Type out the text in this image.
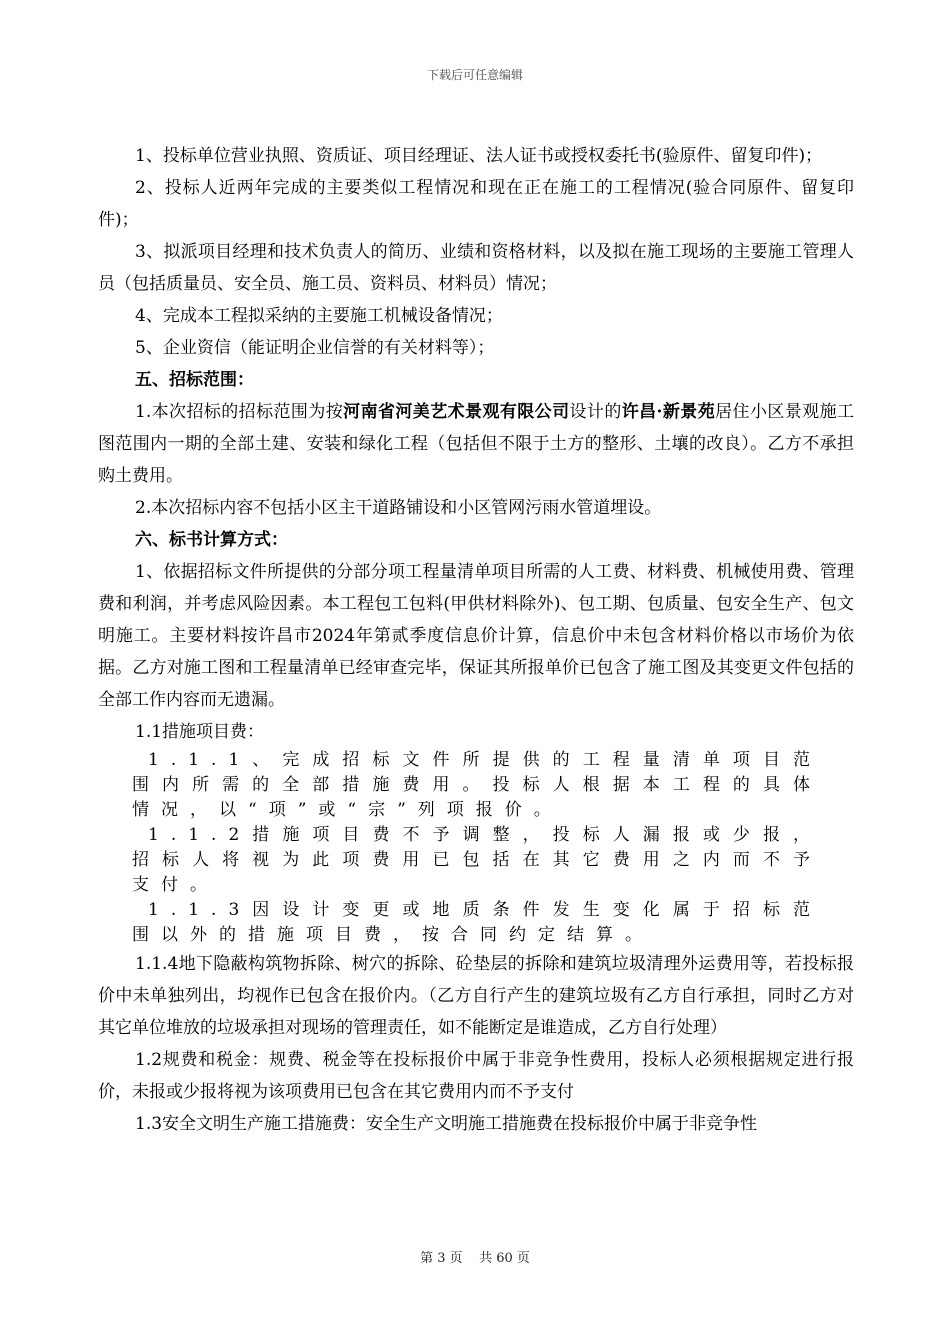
下载后可任意编辑

1、投标单位营业执照、资质证、项目经理证、法人证书或授权委托书(验原件、留复印件)；

2、投标人近两年完成的主要类似工程情况和现在正在施工的工程情况(验合同原件、留复印件)；

3、拟派项目经理和技术负责人的简历、业绩和资格材料，以及拟在施工现场的主要施工管理人员（包括质量员、安全员、施工员、资料员、材料员）情况；

4、完成本工程拟采纳的主要施工机械设备情况；

5、企业资信（能证明企业信誉的有关材料等）；

五、招标范围：

1.本次招标的招标范围为按河南省河美艺术景观有限公司设计的许昌·新景苑居住小区景观施工图范围内一期的全部土建、安装和绿化工程（包括但不限于土方的整形、土壤的改良）。乙方不承担购土费用。

2.本次招标内容不包括小区主干道路铺设和小区管网污雨水管道埋设。

六、标书计算方式：

1、依据招标文件所提供的分部分项工程量清单项目所需的人工费、材料费、机械使用费、管理费和利润，并考虑风险因素。本工程包工包料(甲供材料除外)、包工期、包质量、包安全生产、包文明施工。主要材料按许昌市2024年第贰季度信息价计算，信息价中未包含材料价格以市场价为依据。乙方对施工图和工程量清单已经审查完毕，保证其所报单价已包含了施工图及其变更文件包括的全部工作内容而无遗漏。

1.1措施项目费：

1.1.1、完成招标文件所提供的工程量清单项目范围内所需的全部措施费用。投标人根据本工程的具体情况，以“项”或“宗”列项报价。

1.1.2措施项目费不予调整，投标人漏报或少报，招标人将视为此项费用已包括在其它费用之内而不予支付。

1.1.3因设计变更或地质条件发生变化属于招标范围以外的措施项目费，按合同约定结算。

1.1.4地下隐蔽构筑物拆除、树穴的拆除、砼垫层的拆除和建筑垃圾清理外运费用等，若投标报价中未单独列出，均视作已包含在报价内。（乙方自行产生的建筑垃圾有乙方自行承担，同时乙方对其它单位堆放的垃圾承担对现场的管理责任，如不能断定是谁造成，乙方自行处理）

1.2规费和税金：规费、税金等在投标报价中属于非竞争性费用，投标人必须根据规定进行报价，未报或少报将视为该项费用已包含在其它费用内而不予支付

1.3安全文明生产施工措施费：安全生产文明施工措施费在投标报价中属于非竞争性

第 3 页    共 60 页
